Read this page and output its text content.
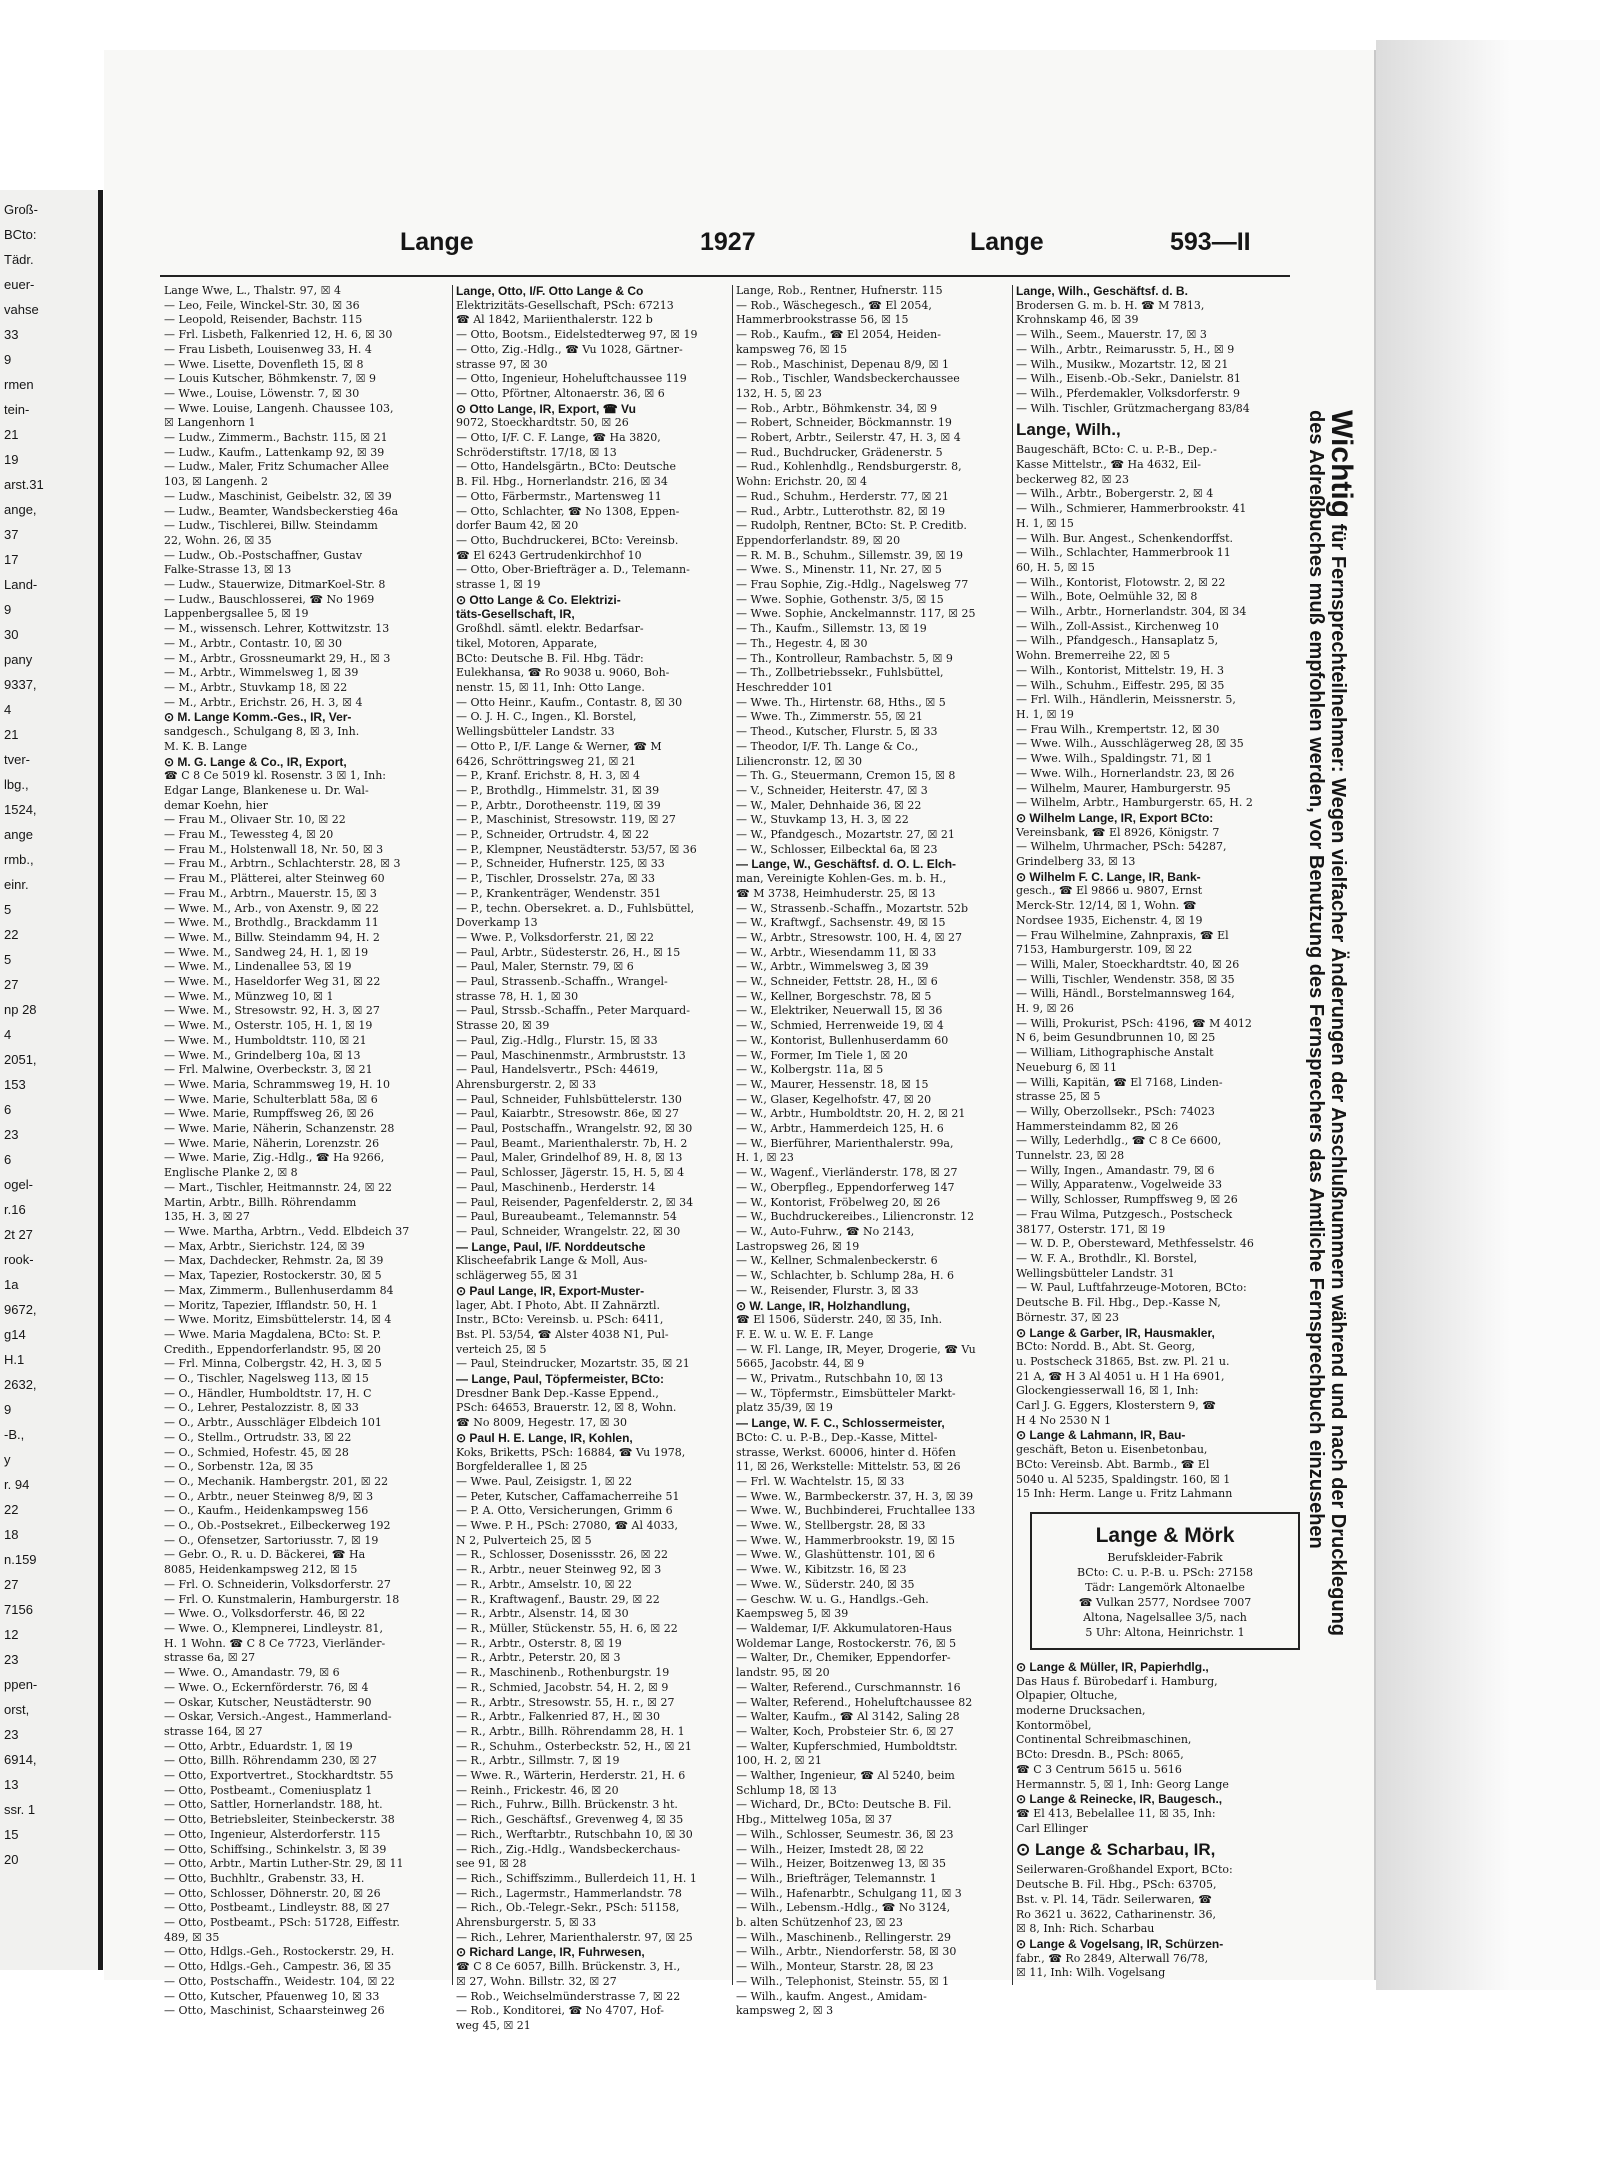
Groß-
BCto:
Tädr.
euer-
vahse
33
9
rmen
tein-
21
19
arst.31
ange,
37
17
Land-
9
30
pany
9337,
4
21
tver-
lbg.,
1524,
ange
rmb.,
einr.
5
22
5
27
np 28
4
2051,
153
6
23
6
ogel-
r.16
2t 27
rook-
1a
9672,
g14
H.1
2632,
9
-B.,
y
r. 94
22
18
n.159
27
7156
12
23
ppen-
orst,
23
6914,
13
ssr. 1
15
20
Lange	1927	Lange	593—II
Lange Wwe, L., Thalstr. 97, ☒ 4
— Leo, Feile, Winckel-Str. 30, ☒ 36
— Leopold, Reisender, Bachstr. 115
— Frl. Lisbeth, Falkenried 12, H. 6, ☒ 30
— Frau Lisbeth, Louisenweg 33, H. 4
— Wwe. Lisette, Dovenfleth 15, ☒ 8
— Louis Kutscher, Böhmkenstr. 7, ☒ 9
— Wwe., Louise, Löwenstr. 7, ☒ 30
— Wwe. Louise, Langenh. Chaussee 103,
☒ Langenhorn 1
— Ludw., Zimmerm., Bachstr. 115, ☒ 21
— Ludw., Kaufm., Lattenkamp 92, ☒ 39
— Ludw., Maler, Fritz Schumacher Allee
103, ☒ Langenh. 2
— Ludw., Maschinist, Geibelstr. 32, ☒ 39
— Ludw., Beamter, Wandsbeckerstieg 46a
— Ludw., Tischlerei, Billw. Steindamm
22, Wohn. 26, ☒ 35
— Ludw., Ob.-Postschaffner, Gustav
Falke-Strasse 13, ☒ 13
— Ludw., Stauerwize, DitmarKoel-Str. 8
— Ludw., Bauschlosserei, ☎ No 1969
Lappenbergsallee 5, ☒ 19
— M., wissensch. Lehrer, Kottwitzstr. 13
— M., Arbtr., Contastr. 10, ☒ 30
— M., Arbtr., Grossneumarkt 29, H., ☒ 3
— M., Arbtr., Wimmelsweg 1, ☒ 39
— M., Arbtr., Stuvkamp 18, ☒ 22
— M., Arbtr., Erichstr. 26, H. 3, ☒ 4
⊙ M. Lange Komm.-Ges., IR, Ver-
sandgesch., Schulgang 8, ☒ 3, Inh.
M. K. B. Lange
⊙ M. G. Lange & Co., IR, Export,
☎ C 8 Ce 5019 kl. Rosenstr. 3 ☒ 1, Inh:
Edgar Lange, Blankenese u. Dr. Wal-
demar Koehn, hier
— Frau M., Olivaer Str. 10, ☒ 22
— Frau M., Tewessteg 4, ☒ 20
— Frau M., Holstenwall 18, Nr. 50, ☒ 3
— Frau M., Arbtrn., Schlachterstr. 28, ☒ 3
— Frau M., Plätterei, alter Steinweg 60
— Frau M., Arbtrn., Mauerstr. 15, ☒ 3
— Wwe. M., Arb., von Axenstr. 9, ☒ 22
— Wwe. M., Brothdlg., Brackdamm 11
— Wwe. M., Billw. Steindamm 94, H. 2
— Wwe. M., Sandweg 24, H. 1, ☒ 19
— Wwe. M., Lindenallee 53, ☒ 19
— Wwe. M., Haseldorfer Weg 31, ☒ 22
— Wwe. M., Münzweg 10, ☒ 1
— Wwe. M., Stresowstr. 92, H. 3, ☒ 27
— Wwe. M., Osterstr. 105, H. 1, ☒ 19
— Wwe. M., Humboldtstr. 110, ☒ 21
— Wwe. M., Grindelberg 10a, ☒ 13
— Frl. Malwine, Overbeckstr. 3, ☒ 21
— Wwe. Maria, Schrammsweg 19, H. 10
— Wwe. Marie, Schulterblatt 58a, ☒ 6
— Wwe. Marie, Rumpffsweg 26, ☒ 26
— Wwe. Marie, Näherin, Schanzenstr. 28
— Wwe. Marie, Näherin, Lorenzstr. 26
— Wwe. Marie, Zig.-Hdlg., ☎ Ha 9266,
Englische Planke 2, ☒ 8
— Mart., Tischler, Heitmannstr. 24, ☒ 22
Martin, Arbtr., Billh. Röhrendamm
135, H. 3, ☒ 27
— Wwe. Martha, Arbtrn., Vedd. Elbdeich 37
— Max, Arbtr., Sierichstr. 124, ☒ 39
— Max, Dachdecker, Rehmstr. 2a, ☒ 39
— Max, Tapezier, Rostockerstr. 30, ☒ 5
— Max, Zimmerm., Bullenhuserdamm 84
— Moritz, Tapezier, Ifflandstr. 50, H. 1
— Wwe. Moritz, Eimsbüttelerstr. 14, ☒ 4
— Wwe. Maria Magdalena, BCto: St. P.
Credith., Eppendorferlandstr. 95, ☒ 20
— Frl. Minna, Colbergstr. 42, H. 3, ☒ 5
— O., Tischler, Nagelsweg 113, ☒ 15
— O., Händler, Humboldtstr. 17, H. C
— O., Lehrer, Pestalozzistr. 8, ☒ 33
— O., Arbtr., Ausschläger Elbdeich 101
— O., Stellm., Ortrudstr. 33, ☒ 22
— O., Schmied, Hofestr. 45, ☒ 28
— O., Sorbenstr. 12a, ☒ 35
— O., Mechanik. Hambergstr. 201, ☒ 22
— O., Arbtr., neuer Steinweg 8/9, ☒ 3
— O., Kaufm., Heidenkampsweg 156
— O., Ob.-Postsekret., Eilbeckerweg 192
— O., Ofensetzer, Sartoriusstr. 7, ☒ 19
— Gebr. O., R. u. D. Bäckerei, ☎ Ha
8085, Heidenkampsweg 212, ☒ 15
— Frl. O. Schneiderin, Volksdorferstr. 27
— Frl. O. Kunstmalerin, Hamburgerstr. 18
— Wwe. O., Volksdorferstr. 46, ☒ 22
— Wwe. O., Klempnerei, Lindleystr. 81,
H. 1 Wohn. ☎ C 8 Ce 7723, Vierländer-
strasse 6a, ☒ 27
— Wwe. O., Amandastr. 79, ☒ 6
— Wwe. O., Eckernförderstr. 76, ☒ 4
— Oskar, Kutscher, Neustädterstr. 90
— Oskar, Versich.-Angest., Hammerland-
strasse 164, ☒ 27
— Otto, Arbtr., Eduardstr. 1, ☒ 19
— Otto, Billh. Röhrendamm 230, ☒ 27
— Otto, Exportvertret., Stockhardtstr. 55
— Otto, Postbeamt., Comeniusplatz 1
— Otto, Sattler, Hornerlandstr. 188, ht.
— Otto, Betriebsleiter, Steinbeckerstr. 38
— Otto, Ingenieur, Alsterdorferstr. 115
— Otto, Schiffsing., Schinkelstr. 3, ☒ 39
— Otto, Arbtr., Martin Luther-Str. 29, ☒ 11
— Otto, Buchhltr., Grabenstr. 33, H.
— Otto, Schlosser, Döhnerstr. 20, ☒ 26
— Otto, Postbeamt., Lindleystr. 88, ☒ 27
— Otto, Postbeamt., PSch: 51728, Eiffestr.
489, ☒ 35
— Otto, Hdlgs.-Geh., Rostockerstr. 29, H.
— Otto, Hdlgs.-Geh., Campestr. 36, ☒ 35
— Otto, Postschaffn., Weidestr. 104, ☒ 22
— Otto, Kutscher, Pfauenweg 10, ☒ 33
— Otto, Maschinist, Schaarsteinweg 26
Lange, Otto, I/F. Otto Lange & Co
Elektrizitäts-Gesellschaft, PSch: 67213
☎ Al 1842, Mariienthalerstr. 122 b
— Otto, Bootsm., Eidelstedterweg 97, ☒ 19
— Otto, Zig.-Hdlg., ☎ Vu 1028, Gärtner-
strasse 97, ☒ 30
— Otto, Ingenieur, Hoheluftchaussee 119
— Otto, Pförtner, Altonaerstr. 36, ☒ 6
⊙ Otto Lange, IR, Export, ☎ Vu
9072, Stoeckhardtstr. 50, ☒ 26
— Otto, I/F. C. F. Lange, ☎ Ha 3820,
Schröderstiftstr. 17/18, ☒ 13
— Otto, Handelsgärtn., BCto: Deutsche
B. Fil. Hbg., Hornerlandstr. 216, ☒ 34
— Otto, Färbermstr., Martensweg 11
— Otto, Schlachter, ☎ No 1308, Eppen-
dorfer Baum 42, ☒ 20
— Otto, Buchdruckerei, BCto: Vereinsb.
☎ El 6243 Gertrudenkirchhof 10
— Otto, Ober-Briefträger a. D., Telemann-
strasse 1, ☒ 19
⊙ Otto Lange & Co. Elektrizi-
täts-Gesellschaft, IR,
Großhdl. sämtl. elektr. Bedarfsar-
tikel, Motoren, Apparate,
BCto: Deutsche B. Fil. Hbg. Tädr:
Eulekhansa, ☎ Ro 9038 u. 9060, Boh-
nenstr. 15, ☒ 11, Inh: Otto Lange.
— Otto Heinr., Kaufm., Contastr. 8, ☒ 30
— O. J. H. C., Ingen., Kl. Borstel,
Wellingsbütteler Landstr. 33
— Otto P., I/F. Lange & Werner, ☎ M
6426, Schröttringsweg 21, ☒ 21
— P., Kranf. Erichstr. 8, H. 3, ☒ 4
— P., Brothdlg., Himmelstr. 31, ☒ 39
— P., Arbtr., Dorotheenstr. 119, ☒ 39
— P., Maschinist, Stresowstr. 119, ☒ 27
— P., Schneider, Ortrudstr. 4, ☒ 22
— P., Klempner, Neustädterstr. 53/57, ☒ 36
— P., Schneider, Hufnerstr. 125, ☒ 33
— P., Tischler, Drosselstr. 27a, ☒ 33
— P., Krankenträger, Wendenstr. 351
— P., techn. Obersekret. a. D., Fuhlsbüttel,
Doverkamp 13
— Wwe. P., Volksdorferstr. 21, ☒ 22
— Paul, Arbtr., Südesterstr. 26, H., ☒ 15
— Paul, Maler, Sternstr. 79, ☒ 6
— Paul, Strassenb.-Schaffn., Wrangel-
strasse 78, H. 1, ☒ 30
— Paul, Strssb.-Schaffn., Peter Marquard-
Strasse 20, ☒ 39
— Paul, Zig.-Hdlg., Flurstr. 15, ☒ 33
— Paul, Maschinenmstr., Armbruststr. 13
— Paul, Handelsvertr., PSch: 44619,
Ahrensburgerstr. 2, ☒ 33
— Paul, Schneider, Fuhlsbüttelerstr. 130
— Paul, Kaiarbtr., Stresowstr. 86e, ☒ 27
— Paul, Postschaffn., Wrangelstr. 92, ☒ 30
— Paul, Beamt., Marienthalerstr. 7b, H. 2
— Paul, Maler, Grindelhof 89, H. 8, ☒ 13
— Paul, Schlosser, Jägerstr. 15, H. 5, ☒ 4
— Paul, Maschinenb., Herderstr. 14
— Paul, Reisender, Pagenfelderstr. 2, ☒ 34
— Paul, Bureaubeamt., Telemannstr. 54
— Paul, Schneider, Wrangelstr. 22, ☒ 30
— Lange, Paul, I/F. Norddeutsche
Klischeefabrik Lange & Moll, Aus-
schlägerweg 55, ☒ 31
⊙ Paul Lange, IR, Export-Muster-
lager, Abt. I Photo, Abt. II Zahnärztl.
Instr., BCto: Vereinsb. u. PSch: 6411,
Bst. Pl. 53/54, ☎ Alster 4038 N1, Pul-
verteich 25, ☒ 5
— Paul, Steindrucker, Mozartstr. 35, ☒ 21
— Lange, Paul, Töpfermeister, BCto:
Dresdner Bank Dep.-Kasse Eppend.,
PSch: 64653, Brauerstr. 12, ☒ 8, Wohn.
☎ No 8009, Hegestr. 17, ☒ 30
⊙ Paul H. E. Lange, IR, Kohlen,
Koks, Briketts, PSch: 16884, ☎ Vu 1978,
Borgfelderallee 1, ☒ 25
— Wwe. Paul, Zeisigstr. 1, ☒ 22
— Peter, Kutscher, Caffamacherreihe 51
— P. A. Otto, Versicherungen, Grimm 6
— Wwe. P. H., PSch: 27080, ☎ Al 4033,
N 2, Pulverteich 25, ☒ 5
— R., Schlosser, Dosenissstr. 26, ☒ 22
— R., Arbtr., neuer Steinweg 92, ☒ 3
— R., Arbtr., Amselstr. 10, ☒ 22
— R., Kraftwagenf., Baustr. 29, ☒ 22
— R., Arbtr., Alsenstr. 14, ☒ 30
— R., Müller, Stückenstr. 55, H. 6, ☒ 22
— R., Arbtr., Osterstr. 8, ☒ 19
— R., Arbtr., Peterstr. 20, ☒ 3
— R., Maschinenb., Rothenburgstr. 19
— R., Schmied, Jacobstr. 54, H. 2, ☒ 9
— R., Arbtr., Stresowstr. 55, H. r., ☒ 27
— R., Arbtr., Falkenried 87, H., ☒ 30
— R., Arbtr., Billh. Röhrendamm 28, H. 1
— R., Schuhm., Osterbeckstr. 52, H., ☒ 21
— R., Arbtr., Sillmstr. 7, ☒ 19
— Wwe. R., Wärterin, Herderstr. 21, H. 6
— Reinh., Frickestr. 46, ☒ 20
— Rich., Fuhrw., Billh. Brückenstr. 3 ht.
— Rich., Geschäftsf., Grevenweg 4, ☒ 35
— Rich., Werftarbtr., Rutschbahn 10, ☒ 30
— Rich., Zig.-Hdlg., Wandsbeckerchaus-
see 91, ☒ 28
— Rich., Schiffszimm., Bullerdeich 11, H. 1
— Rich., Lagermstr., Hammerlandstr. 78
— Rich., Ob.-Telegr.-Sekr., PSch: 51158,
Ahrensburgerstr. 5, ☒ 33
— Rich., Lehrer, Marienthalerstr. 97, ☒ 25
⊙ Richard Lange, IR, Fuhrwesen,
☎ C 8 Ce 6057, Billh. Brückenstr. 3, H.,
☒ 27, Wohn. Billstr. 32, ☒ 27
— Rob., Weichselmünderstrasse 7, ☒ 22
— Rob., Konditorei, ☎ No 4707, Hof-
weg 45, ☒ 21
Lange, Rob., Rentner, Hufnerstr. 115
— Rob., Wäschegesch., ☎ El 2054,
Hammerbrookstrasse 56, ☒ 15
— Rob., Kaufm., ☎ El 2054, Heiden-
kampsweg 76, ☒ 15
— Rob., Maschinist, Depenau 8/9, ☒ 1
— Rob., Tischler, Wandsbeckerchaussee
132, H. 5, ☒ 23
— Rob., Arbtr., Böhmkenstr. 34, ☒ 9
— Robert, Schneider, Böckmannstr. 19
— Robert, Arbtr., Seilerstr. 47, H. 3, ☒ 4
— Rud., Buchdrucker, Grädenerstr. 5
— Rud., Kohlenhdlg., Rendsburgerstr. 8,
Wohn: Erichstr. 20, ☒ 4
— Rud., Schuhm., Herderstr. 77, ☒ 21
— Rud., Arbtr., Lutterothstr. 82, ☒ 19
— Rudolph, Rentner, BCto: St. P. Creditb.
Eppendorferlandstr. 89, ☒ 20
— R. M. B., Schuhm., Sillemstr. 39, ☒ 19
— Wwe. S., Minenstr. 11, Nr. 27, ☒ 5
— Frau Sophie, Zig.-Hdlg., Nagelsweg 77
— Wwe. Sophie, Gothenstr. 3/5, ☒ 15
— Wwe. Sophie, Anckelmannstr. 117, ☒ 25
— Th., Kaufm., Sillemstr. 13, ☒ 19
— Th., Hegestr. 4, ☒ 30
— Th., Kontrolleur, Rambachstr. 5, ☒ 9
— Th., Zollbetriebssekr., Fuhlsbüttel,
Heschredder 101
— Wwe. Th., Hirtenstr. 68, Hths., ☒ 5
— Wwe. Th., Zimmerstr. 55, ☒ 21
— Theod., Kutscher, Flurstr. 5, ☒ 33
— Theodor, I/F. Th. Lange & Co.,
Liliencronstr. 12, ☒ 30
— Th. G., Steuermann, Cremon 15, ☒ 8
— V., Schneider, Heiterstr. 47, ☒ 3
— W., Maler, Dehnhaide 36, ☒ 22
— W., Stuvkamp 13, H. 3, ☒ 22
— W., Pfandgesch., Mozartstr. 27, ☒ 21
— W., Schlosser, Eilbecktal 6a, ☒ 23
— Lange, W., Geschäftsf. d. O. L. Elch-
man, Vereinigte Kohlen-Ges. m. b. H.,
☎ M 3738, Heimhuderstr. 25, ☒ 13
— W., Strassenb.-Schaffn., Mozartstr. 52b
— W., Kraftwgf., Sachsenstr. 49, ☒ 15
— W., Arbtr., Stresowstr. 100, H. 4, ☒ 27
— W., Arbtr., Wiesendamm 11, ☒ 33
— W., Arbtr., Wimmelsweg 3, ☒ 39
— W., Schneider, Fettstr. 28, H., ☒ 6
— W., Kellner, Borgeschstr. 78, ☒ 5
— W., Elektriker, Neuerwall 15, ☒ 36
— W., Schmied, Herrenweide 19, ☒ 4
— W., Kontorist, Bullenhuserdamm 60
— W., Former, Im Tiele 1, ☒ 20
— W., Kolbergstr. 11a, ☒ 5
— W., Maurer, Hessenstr. 18, ☒ 15
— W., Glaser, Kegelhofstr. 47, ☒ 20
— W., Arbtr., Humboldtstr. 20, H. 2, ☒ 21
— W., Arbtr., Hammerdeich 125, H. 6
— W., Bierführer, Marienthalerstr. 99a,
H. 1, ☒ 23
— W., Wagenf., Vierländerstr. 178, ☒ 27
— W., Oberpfleg., Eppendorferweg 147
— W., Kontorist, Fröbelweg 20, ☒ 26
— W., Buchdruckereibes., Liliencronstr. 12
— W., Auto-Fuhrw., ☎ No 2143,
Lastropsweg 26, ☒ 19
— W., Kellner, Schmalenbeckerstr. 6
— W., Schlachter, b. Schlump 28a, H. 6
— W., Reisender, Flurstr. 3, ☒ 33
⊙ W. Lange, IR, Holzhandlung,
☎ El 1506, Süderstr. 240, ☒ 35, Inh.
F. E. W. u. W. E. F. Lange
— W. Fl. Lange, IR, Meyer, Drogerie, ☎ Vu
5665, Jacobstr. 44, ☒ 9
— W., Privatm., Rutschbahn 10, ☒ 13
— W., Töpfermstr., Eimsbütteler Markt-
platz 35/39, ☒ 19
— Lange, W. F. C., Schlossermeister,
BCto: C. u. P.-B., Dep.-Kasse, Mittel-
strasse, Werkst. 60006, hinter d. Höfen
11, ☒ 26, Werkstelle: Mittelstr. 53, ☒ 26
— Frl. W. Wachtelstr. 15, ☒ 33
— Wwe. W., Barmbeckerstr. 37, H. 3, ☒ 39
— Wwe. W., Buchbinderei, Fruchtallee 133
— Wwe. W., Stellbergstr. 28, ☒ 33
— Wwe. W., Hammerbrookstr. 19, ☒ 15
— Wwe. W., Glashüttenstr. 101, ☒ 6
— Wwe. W., Kibitzstr. 16, ☒ 23
— Wwe. W., Süderstr. 240, ☒ 35
— Geschw. W. u. G., Handlgs.-Geh.
Kaempsweg 5, ☒ 39
— Waldemar, I/F. Akkumulatoren-Haus
Woldemar Lange, Rostockerstr. 76, ☒ 5
— Walter, Dr., Chemiker, Eppendorfer-
landstr. 95, ☒ 20
— Walter, Referend., Curschmannstr. 16
— Walter, Referend., Hoheluftchaussee 82
— Walter, Kaufm., ☎ Al 3142, Saling 28
— Walter, Koch, Probsteier Str. 6, ☒ 27
— Walter, Kupferschmied, Humboldtstr.
100, H. 2, ☒ 21
— Walther, Ingenieur, ☎ Al 5240, beim
Schlump 18, ☒ 13
— Wichard, Dr., BCto: Deutsche B. Fil.
Hbg., Mittelweg 105a, ☒ 37
— Wilh., Schlosser, Seumestr. 36, ☒ 23
— Wilh., Heizer, Imstedt 28, ☒ 22
— Wilh., Heizer, Boitzenweg 13, ☒ 35
— Wilh., Briefträger, Telemannstr. 1
— Wilh., Hafenarbtr., Schulgang 11, ☒ 3
— Wilh., Lebensm.-Hdlg., ☎ No 3124,
b. alten Schützenhof 23, ☒ 23
— Wilh., Maschinenb., Rellingerstr. 29
— Wilh., Arbtr., Niendorferstr. 58, ☒ 30
— Wilh., Monteur, Starstr. 28, ☒ 23
— Wilh., Telephonist, Steinstr. 55, ☒ 1
— Wilh., kaufm. Angest., Amidam-
kampsweg 2, ☒ 3
Lange, Wilh., Geschäftsf. d. B.
Brodersen G. m. b. H. ☎ M 7813,
Krohnskamp 46, ☒ 39
— Wilh., Seem., Mauerstr. 17, ☒ 3
— Wilh., Arbtr., Reimarusstr. 5, H., ☒ 9
— Wilh., Musikw., Mozartstr. 12, ☒ 21
— Wilh., Eisenb.-Ob.-Sekr., Danielstr. 81
— Wilh., Pferdemakler, Volksdorferstr. 9
— Wilh. Tischler, Grützmachergang 83/84
Lange, Wilh.,
Baugeschäft, BCto: C. u. P.-B., Dep.-
Kasse Mittelstr., ☎ Ha 4632, Eil-
beckerweg 82, ☒ 23
— Wilh., Arbtr., Bobergerstr. 2, ☒ 4
— Wilh., Schmierer, Hammerbrookstr. 41
H. 1, ☒ 15
— Wilh. Bur. Angest., Schenkendorffst.
— Wilh., Schlachter, Hammerbrook 11
60, H. 5, ☒ 15
— Wilh., Kontorist, Flotowstr. 2, ☒ 22
— Wilh., Bote, Oelmühle 32, ☒ 8
— Wilh., Arbtr., Hornerlandstr. 304, ☒ 34
— Wilh., Zoll-Assist., Kirchenweg 10
— Wilh., Pfandgesch., Hansaplatz 5,
Wohn. Bremerreihe 22, ☒ 5
— Wilh., Kontorist, Mittelstr. 19, H. 3
— Wilh., Schuhm., Eiffestr. 295, ☒ 35
— Frl. Wilh., Händlerin, Meissnerstr. 5,
H. 1, ☒ 19
— Frau Wilh., Krempertstr. 12, ☒ 30
— Wwe. Wilh., Ausschlägerweg 28, ☒ 35
— Wwe. Wilh., Spaldingstr. 71, ☒ 1
— Wwe. Wilh., Hornerlandstr. 23, ☒ 26
— Wilhelm, Maurer, Hamburgerstr. 95
— Wilhelm, Arbtr., Hamburgerstr. 65, H. 2
⊙ Wilhelm Lange, IR, Export BCto:
Vereinsbank, ☎ El 8926, Königstr. 7
— Wilhelm, Uhrmacher, PSch: 54287,
Grindelberg 33, ☒ 13
⊙ Wilhelm F. C. Lange, IR, Bank-
gesch., ☎ El 9866 u. 9807, Ernst
Merck-Str. 12/14, ☒ 1, Wohn. ☎
Nordsee 1935, Eichenstr. 4, ☒ 19
— Frau Wilhelmine, Zahnpraxis, ☎ El
7153, Hamburgerstr. 109, ☒ 22
— Willi, Maler, Stoeckhardtstr. 40, ☒ 26
— Willi, Tischler, Wendenstr. 358, ☒ 35
— Willi, Händl., Borstelmannsweg 164,
H. 9, ☒ 26
— Willi, Prokurist, PSch: 4196, ☎ M 4012
N 6, beim Gesundbrunnen 10, ☒ 25
— William, Lithographische Anstalt
Neueburg 6, ☒ 11
— Willi, Kapitän, ☎ El 7168, Linden-
strasse 25, ☒ 5
— Willy, Oberzollsekr., PSch: 74023
Hammersteindamm 82, ☒ 26
— Willy, Lederhdlg., ☎ C 8 Ce 6600,
Tunnelstr. 23, ☒ 28
— Willy, Ingen., Amandastr. 79, ☒ 6
— Willy, Apparatenw., Vogelweide 33
— Willy, Schlosser, Rumpffsweg 9, ☒ 26
— Frau Wilma, Putzgesch., Postscheck
38177, Osterstr. 171, ☒ 19
— W. D. P., Obersteward, Methfesselstr. 46
— W. F. A., Brothdlr., Kl. Borstel,
Wellingsbütteler Landstr. 31
— W. Paul, Luftfahrzeuge-Motoren, BCto:
Deutsche B. Fil. Hbg., Dep.-Kasse N,
Börnestr. 37, ☒ 23
⊙ Lange & Garber, IR, Hausmakler,
BCto: Nordd. B., Abt. St. Georg,
u. Postscheck 31865, Bst. zw. Pl. 21 u.
21 A, ☎ H 3 Al 4051 u. H 1 Ha 6901,
Glockengiesserwall 16, ☒ 1, Inh:
Carl J. G. Eggers, Klosterstern 9, ☎
H 4 No 2530 N 1
⊙ Lange & Lahmann, IR, Bau-
geschäft, Beton u. Eisenbetonbau,
BCto: Vereinsb. Abt. Barmb., ☎ El
5040 u. Al 5235, Spaldingstr. 160, ☒ 1
15 Inh: Herm. Lange u. Fritz Lahmann
Lange & Mörk
Berufskleider-Fabrik
BCto: C. u. P.-B. u. PSch: 27158
Tädr: Langemörk Altonaelbe
☎ Vulkan 2577, Nordsee 7007
Altona, Nagelsallee 3/5, nach
5 Uhr: Altona, Heinrichstr. 1
⊙ Lange & Müller, IR, Papierhdlg.,
Das Haus f. Bürobedarf i. Hamburg,
Olpapier, Oltuche,
moderne Drucksachen,
Kontormöbel,
Continental Schreibmaschinen,
BCto: Dresdn. B., PSch: 8065,
☎ C 3 Centrum 5615 u. 5616
Hermannstr. 5, ☒ 1, Inh: Georg Lange
⊙ Lange & Reinecke, IR, Baugesch.,
☎ El 413, Bebelallee 11, ☒ 35, Inh:
Carl Ellinger
⊙ Lange & Scharbau, IR,
Seilerwaren-Großhandel Export, BCto:
Deutsche B. Fil. Hbg., PSch: 63705,
Bst. v. Pl. 14, Tädr. Seilerwaren, ☎
Ro 3621 u. 3622, Catharinenstr. 36,
☒ 8, Inh: Rich. Scharbau
⊙ Lange & Vogelsang, IR, Schürzen-
fabr., ☎ Ro 2849, Alterwall 76/78,
☒ 11, Inh: Wilh. Vogelsang
Wichtig für Fernsprechteilnehmer: Wegen vielfacher Änderungen der Anschlußnummern während und nach der Drucklegung
des Adreßbuches muß empfohlen werden, vor Benutzung des Fernsprechers das Amtliche Fernsprechbuch einzusehen
